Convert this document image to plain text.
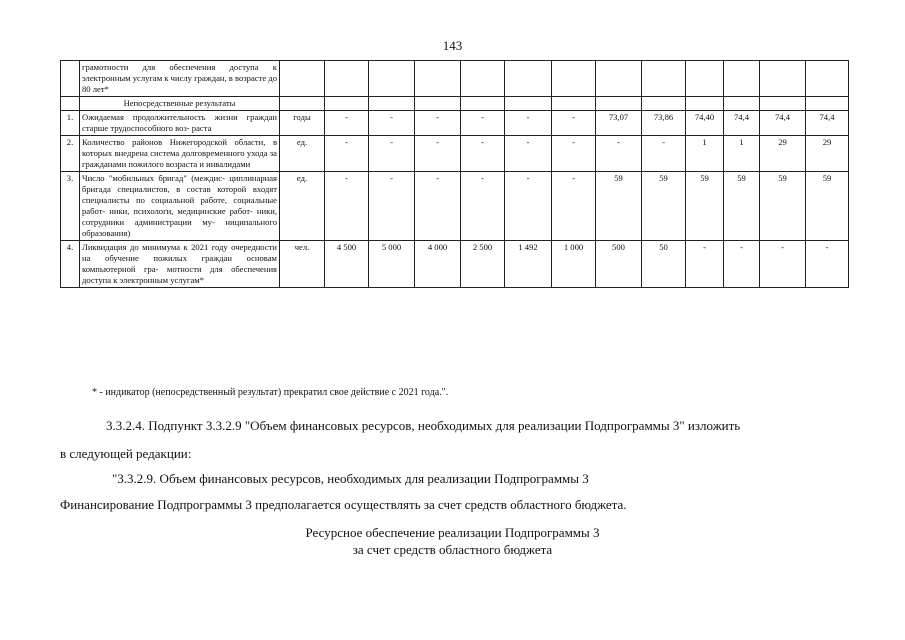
143
	грамотности для обеспечения доступа к электронным услугам к числу граждан, в возрасте до 80 лет*													
	Непосредственные результаты													
1.	Ожидаемая продолжительность жизни граждан старше трудоспособного воз- раста	годы	-	-	-	-	-	-	73,07	73,86	74,40	74,4	74,4	74,4
2.	Количество районов Нижегородской области, в которых внедрена система долговременного ухода за гражданами пожилого возраста и инвалидами	ед.	-	-	-	-	-	-	-	-	1	1	29	29
3.	Число "мобильных бригад" (междис- циплинарная бригада специалистов, в состав которой входят специалисты по социальной работе, социальные работ- ники, психологи, медицинские работ- ники, сотрудники администрации му- ниципального образования)	ед.	-	-	-	-	-	-	59	59	59	59	59	59
4.	Ликвидация до минимума к 2021 году очередности на обучение пожилых граждан основам компьютерной гра- мотности для обеспечения доступа к электронным услугам*	чел.	4 500	5 000	4 000	2 500	1 492	1 000	500	50	-	-	-	-
* - индикатор (непосредственный результат) прекратил свое действие с 2021 года.".
3.3.2.4. Подпункт 3.3.2.9 "Объем финансовых ресурсов, необходимых для реализации Подпрограммы 3" изложить
в следующей редакции:
"3.3.2.9. Объем финансовых ресурсов, необходимых для реализации Подпрограммы 3
Финансирование Подпрограммы 3 предполагается осуществлять за счет средств областного бюджета.
Ресурсное обеспечение реализации Подпрограммы 3
за счет средств областного бюджета
